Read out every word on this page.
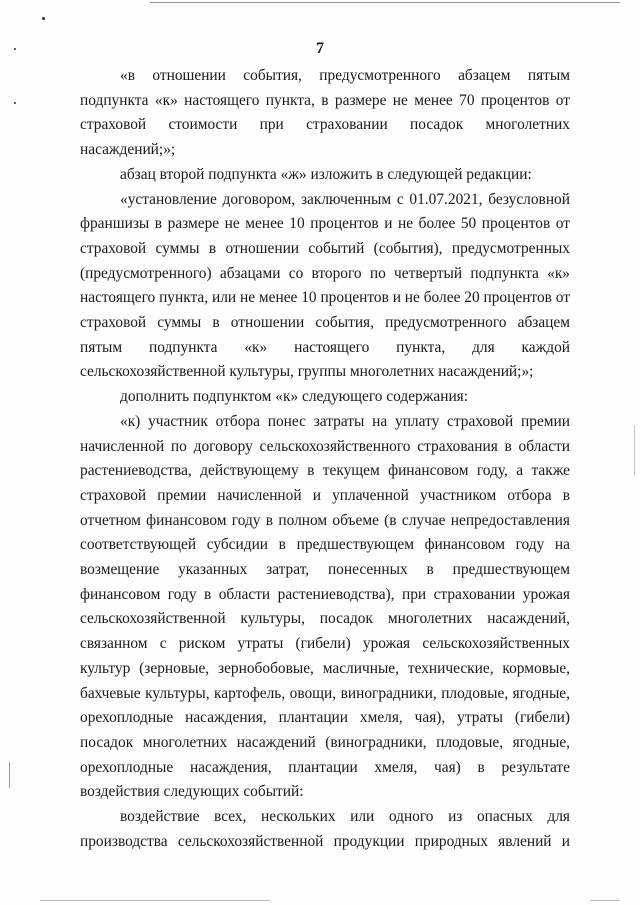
7

«в отношении события, предусмотренного абзацем пятым подпункта «к» настоящего пункта, в размере не менее 70 процентов от страховой стоимости при страховании посадок многолетних насаждений;»;

абзац второй подпункта «ж» изложить в следующей редакции:

«установление договором, заключенным с 01.07.2021, безусловной франшизы в размере не менее 10 процентов и не более 50 процентов от страховой суммы в отношении событий (события), предусмотренных (предусмотренного) абзацами со второго по четвертый подпункта «к» настоящего пункта, или не менее 10 процентов и не более 20 процентов от страховой суммы в отношении события, предусмотренного абзацем пятым подпункта «к» настоящего пункта, для каждой сельскохозяйственной культуры, группы многолетних насаждений;»;

дополнить подпунктом «к» следующего содержания:

«к) участник отбора понес затраты на уплату страховой премии начисленной по договору сельскохозяйственного страхования в области растениеводства, действующему в текущем финансовом году, а также страховой премии начисленной и уплаченной участником отбора в отчетном финансовом году в полном объеме (в случае непредоставления соответствующей субсидии в предшествующем финансовом году на возмещение указанных затрат, понесенных в предшествующем финансовом году в области растениеводства), при страховании урожая сельскохозяйственной культуры, посадок многолетних насаждений, связанном с риском утраты (гибели) урожая сельскохозяйственных культур (зерновые, зернобобовые, масличные, технические, кормовые, бахчевые культуры, картофель, овощи, виноградники, плодовые, ягодные, орехоплодные насаждения, плантации хмеля, чая), утраты (гибели) посадок многолетних насаждений (виноградники, плодовые, ягодные, орехоплодные насаждения, плантации хмеля, чая) в результате воздействия следующих событий:

воздействие всех, нескольких или одного из опасных для производства сельскохозяйственной продукции природных явлений и
